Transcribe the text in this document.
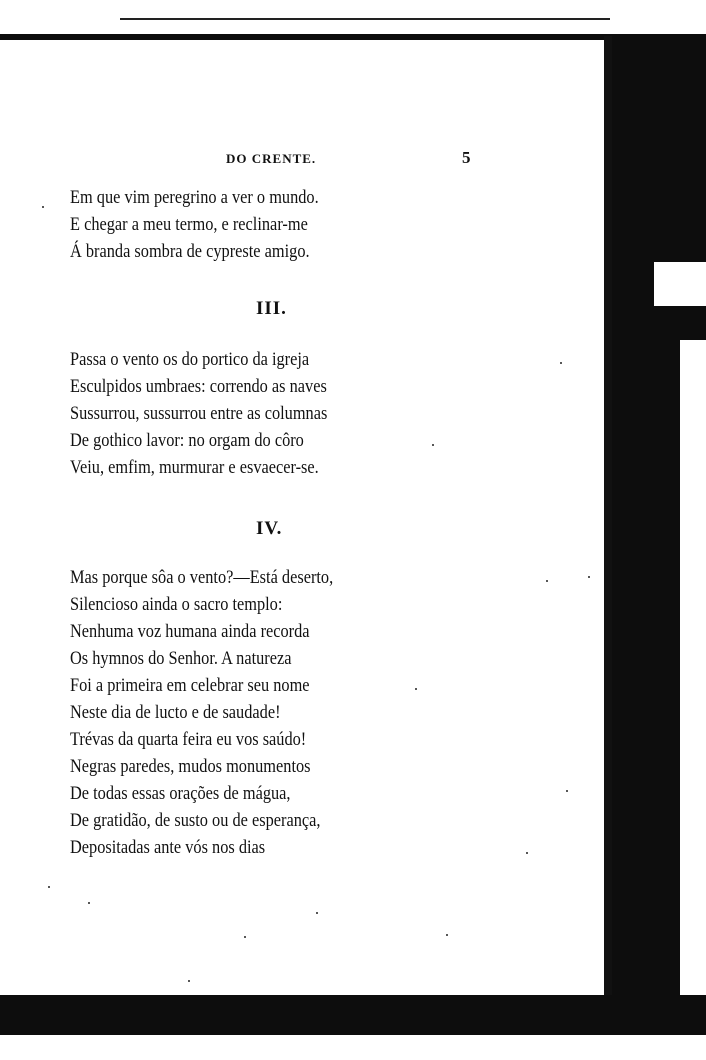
DO CRENTE.	5
Em que vim peregrino a ver o mundo.
E chegar a meu termo, e reclinar-me
Á branda sombra de cypreste amigo.
III.
Passa o vento os do portico da igreja
Esculpidos umbraes: correndo as naves
Sussurrou, sussurrou entre as columnas
De gothico lavor: no orgam do côro
Veiu, emfim, murmurar e esvaecer-se.
IV.
Mas porque sôa o vento?—Está deserto,
Silencioso ainda o sacro templo:
Nenhuma voz humana ainda recorda
Os hymnos do Senhor. A natureza
Foi a primeira em celebrar seu nome
Neste dia de lucto e de saudade!
Trévas da quarta feira eu vos saúdo!
Negras paredes, mudos monumentos
De todas essas orações de mágua,
De gratidão, de susto ou de esperança,
Depositadas ante vós nos dias
